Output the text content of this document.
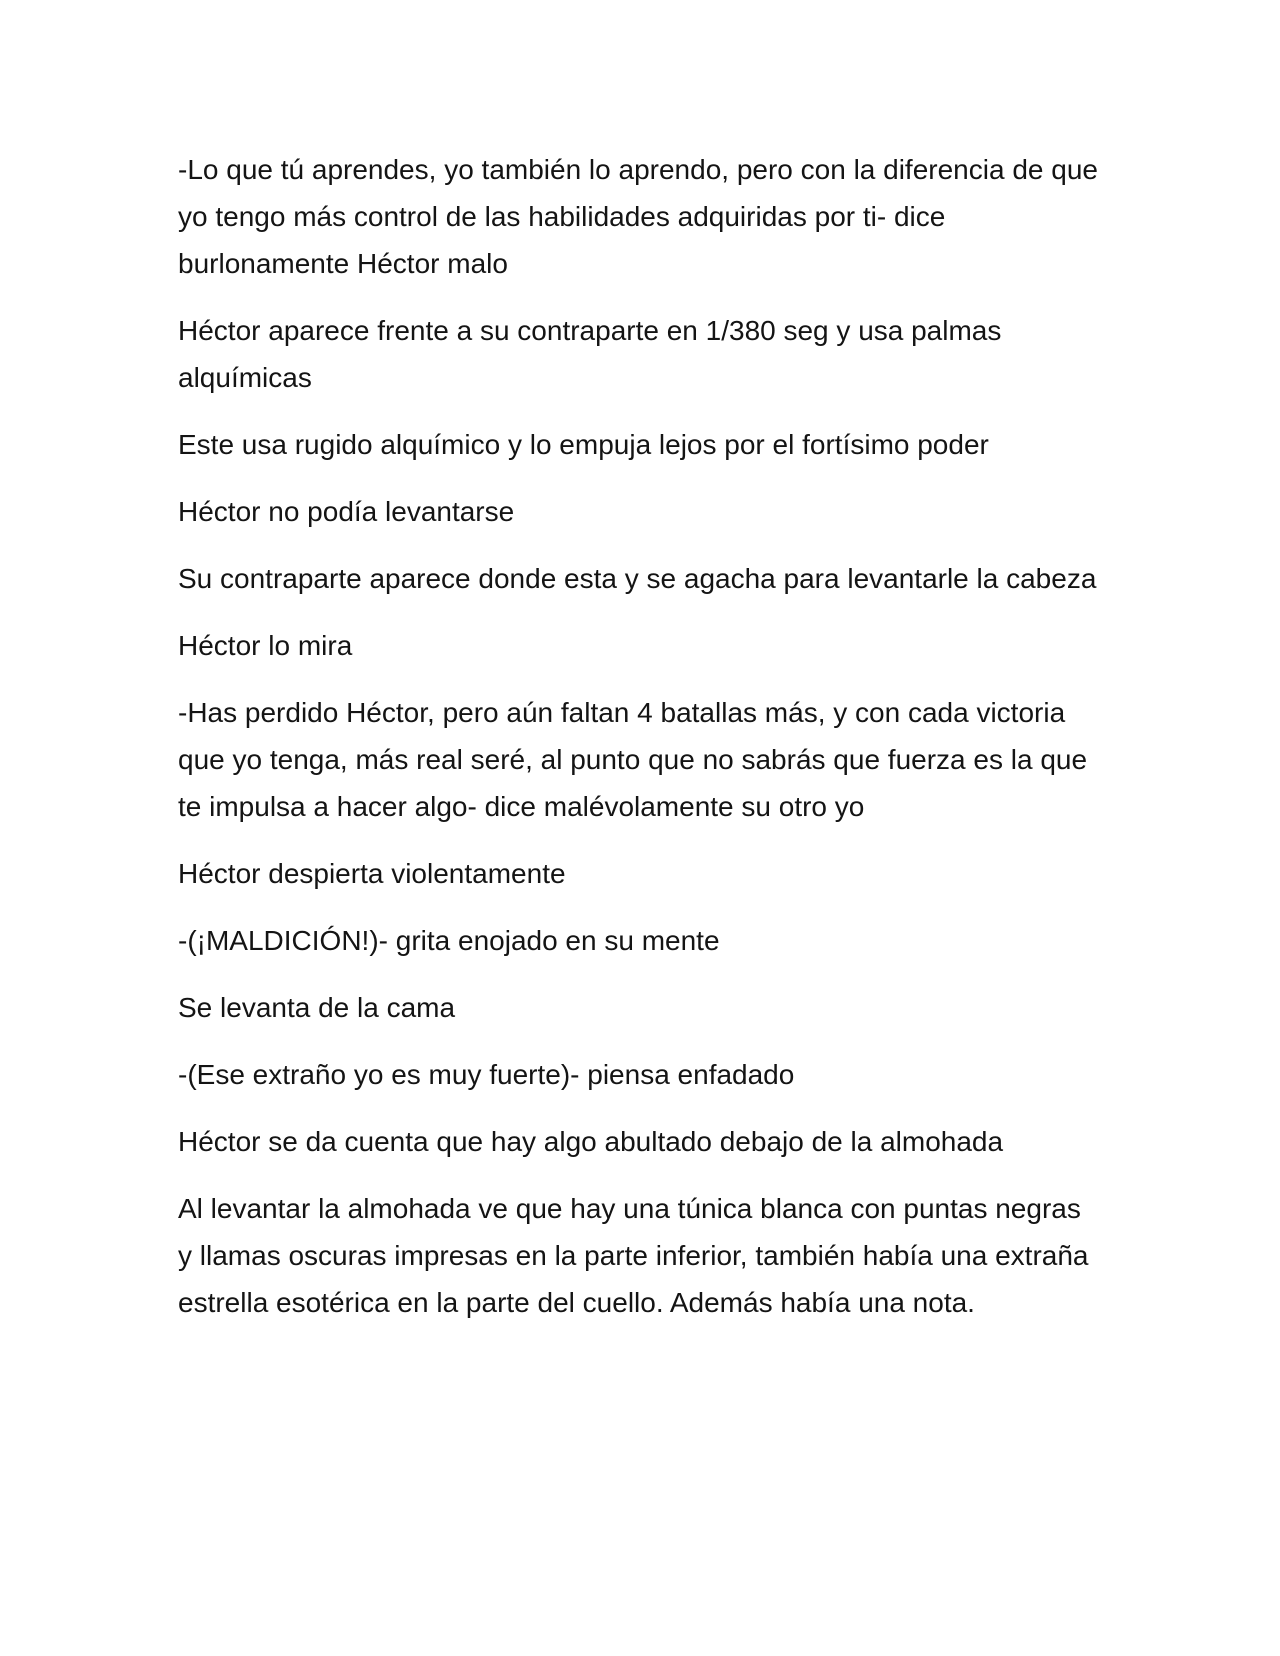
-Lo que tú aprendes, yo también lo aprendo, pero con la diferencia de que yo tengo más control de las habilidades adquiridas por ti- dice burlonamente Héctor malo

Héctor aparece frente a su contraparte en 1/380 seg y usa palmas alquímicas

Este usa rugido alquímico y lo empuja lejos por el fortísimo poder

Héctor no podía levantarse

Su contraparte aparece donde esta y se agacha para levantarle la cabeza

Héctor lo mira

-Has perdido Héctor, pero aún faltan 4 batallas más, y con cada victoria que yo tenga, más real seré, al punto que no sabrás que fuerza es la que te impulsa a hacer algo- dice malévolamente su otro yo

Héctor despierta violentamente

-(¡MALDICIÓN!)- grita enojado en su mente

Se levanta de la cama

-(Ese extraño yo es muy fuerte)- piensa enfadado

Héctor se da cuenta que hay algo abultado debajo de la almohada

Al levantar la almohada ve que hay una túnica blanca con puntas negras y llamas oscuras impresas en la parte inferior, también había una extraña estrella esotérica en la parte del cuello. Además había una nota.
